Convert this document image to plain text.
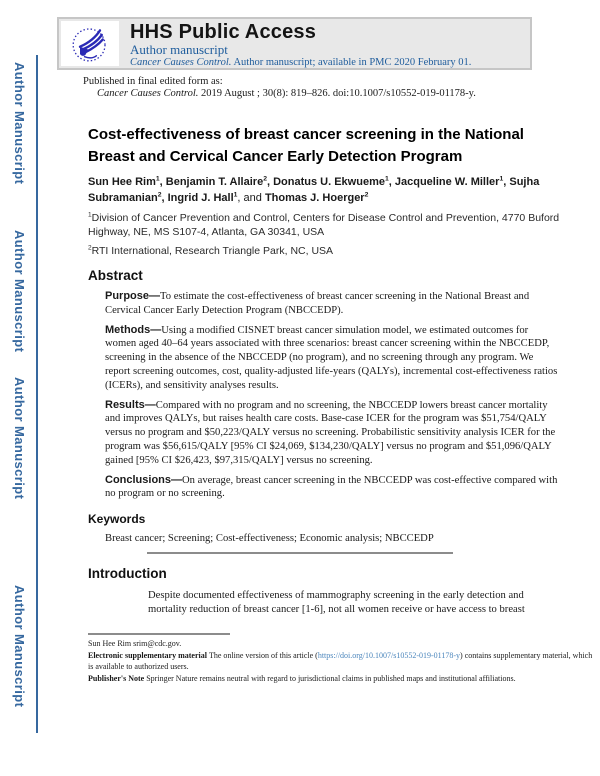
Author Manuscript
Author Manuscript
Author Manuscript
Author Manuscript
HHS Public Access
Author manuscript
Cancer Causes Control. Author manuscript; available in PMC 2020 February 01.
Published in final edited form as:
Cancer Causes Control. 2019 August ; 30(8): 819–826. doi:10.1007/s10552-019-01178-y.
Cost-effectiveness of breast cancer screening in the National Breast and Cervical Cancer Early Detection Program
Sun Hee Rim$^1$, Benjamin T. Allaire$^2$, Donatus U. Ekwueme$^1$, Jacqueline W. Miller$^1$, Sujha Subramanian$^2$, Ingrid J. Hall$^1$, and Thomas J. Hoerger$^2$
$^1$Division of Cancer Prevention and Control, Centers for Disease Control and Prevention, 4770 Buford Highway, NE, MS S107-4, Atlanta, GA 30341, USA
$^2$RTI International, Research Triangle Park, NC, USA
Abstract
Purpose—To estimate the cost-effectiveness of breast cancer screening in the National Breast and Cervical Cancer Early Detection Program (NBCCEDP).
Methods—Using a modified CISNET breast cancer simulation model, we estimated outcomes for women aged 40–64 years associated with three scenarios: breast cancer screening within the NBCCEDP, screening in the absence of the NBCCEDP (no program), and no screening through any program. We report screening outcomes, cost, quality-adjusted life-years (QALYs), incremental cost-effectiveness ratios (ICERs), and sensitivity analyses results.
Results—Compared with no program and no screening, the NBCCEDP lowers breast cancer mortality and improves QALYs, but raises health care costs. Base-case ICER for the program was $51,754/QALY versus no program and $50,223/QALY versus no screening. Probabilistic sensitivity analysis ICER for the program was $56,615/QALY [95% CI $24,069, $134,230/QALY] versus no program and $51,096/QALY gained [95% CI $26,423, $97,315/QALY] versus no screening.
Conclusions—On average, breast cancer screening in the NBCCEDP was cost-effective compared with no program or no screening.
Keywords
Breast cancer; Screening; Cost-effectiveness; Economic analysis; NBCCEDP
Introduction
Despite documented effectiveness of mammography screening in the early detection and mortality reduction of breast cancer [1-6], not all women receive or have access to breast
Sun Hee Rim srim@cdc.gov.
Electronic supplementary material The online version of this article (https://doi.org/10.1007/s10552-019-01178-y) contains supplementary material, which is available to authorized users.
Publisher's Note Springer Nature remains neutral with regard to jurisdictional claims in published maps and institutional affiliations.
